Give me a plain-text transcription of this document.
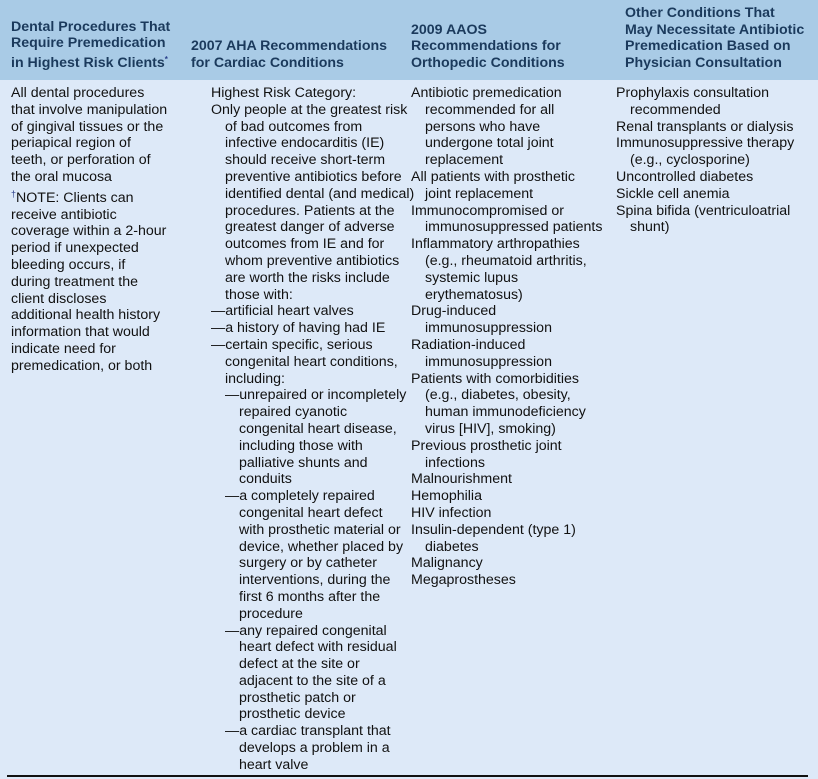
Dental Procedures That
Require Premedication
in Highest Risk Clients*
2007 AHA Recommendations
for Cardiac Conditions
2009 AAOS
Recommendations for
Orthopedic Conditions
Other Conditions That
May Necessitate Antibiotic
Premedication Based on
Physician Consultation
All dental procedures
that involve manipulation
of gingival tissues or the
periapical region of
teeth, or perforation of
the oral mucosa
†NOTE: Clients can
receive antibiotic
coverage within a 2-hour
period if unexpected
bleeding occurs, if
during treatment the
client discloses
additional health history
information that would
indicate need for
premedication, or both
Highest Risk Category:
Only people at the greatest risk
of bad outcomes from
infective endocarditis (IE)
should receive short-term
preventive antibiotics before
identified dental (and medical)
procedures. Patients at the
greatest danger of adverse
outcomes from IE and for
whom preventive antibiotics
are worth the risks include
those with:
—artificial heart valves
—a history of having had IE
—certain specific, serious
congenital heart conditions,
including:
—unrepaired or incompletely
repaired cyanotic
congenital heart disease,
including those with
palliative shunts and
conduits
—a completely repaired
congenital heart defect
with prosthetic material or
device, whether placed by
surgery or by catheter
interventions, during the
first 6 months after the
procedure
—any repaired congenital
heart defect with residual
defect at the site or
adjacent to the site of a
prosthetic patch or
prosthetic device
—a cardiac transplant that
develops a problem in a
heart valve
Antibiotic premedication
recommended for all
persons who have
undergone total joint
replacement
All patients with prosthetic
joint replacement
Immunocompromised or
immunosuppressed patients
Inflammatory arthropathies
(e.g., rheumatoid arthritis,
systemic lupus
erythematosus)
Drug-induced
immunosuppression
Radiation-induced
immunosuppression
Patients with comorbidities
(e.g., diabetes, obesity,
human immunodeficiency
virus [HIV], smoking)
Previous prosthetic joint
infections
Malnourishment
Hemophilia
HIV infection
Insulin-dependent (type 1)
diabetes
Malignancy
Megaprostheses
Prophylaxis consultation
recommended
Renal transplants or dialysis
Immunosuppressive therapy
(e.g., cyclosporine)
Uncontrolled diabetes
Sickle cell anemia
Spina bifida (ventriculoatrial
shunt)
